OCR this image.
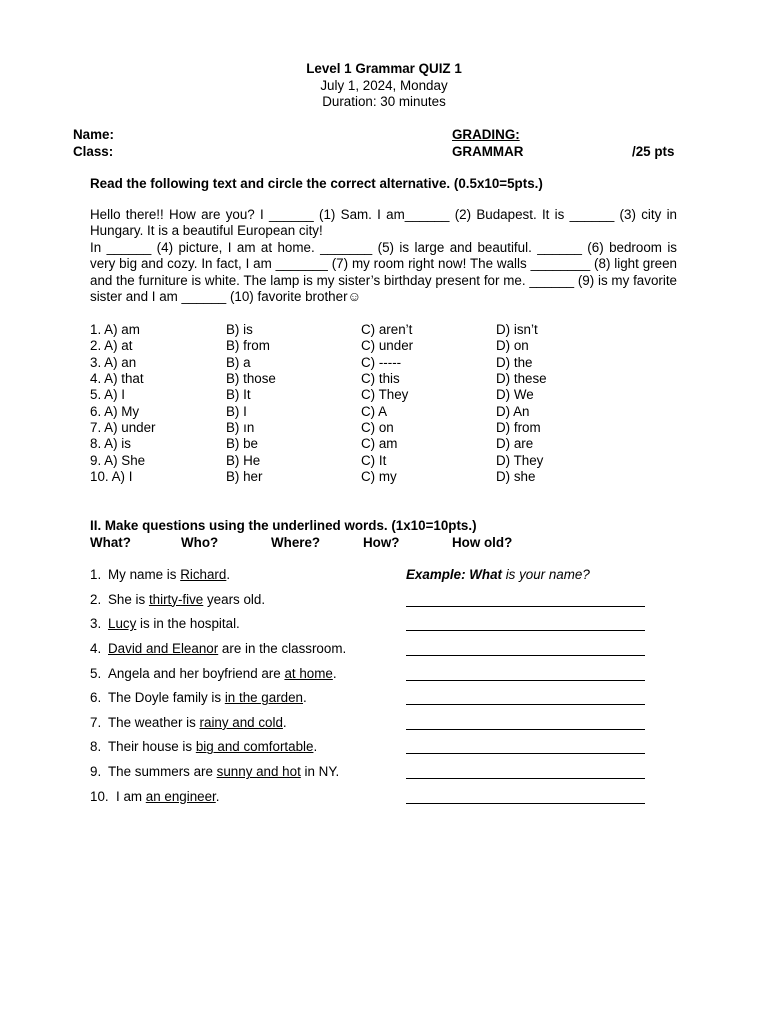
Level 1 Grammar QUIZ 1
July 1, 2024, Monday
Duration: 30 minutes
Name:	GRADING:
Class:	GRAMMAR	/25 pts
Read the following text and circle the correct alternative. (0.5x10=5pts.)

Hello there!! How are you? I ______ (1) Sam. I am______ (2) Budapest. It is ______ (3) city in Hungary. It is a beautiful European city!

In ______ (4) picture, I am at home. _______ (5) is large and beautiful. ______ (6) bedroom is very big and cozy. In fact, I am _______ (7) my room right now! The walls ________ (8) light green and the furniture is white. The lamp is my sister’s birthday present for me. ______ (9) is my favorite sister and I am ______ (10) favorite brother☺

1. A) am	B) is	C) aren’t	D) isn’t
2. A) at	B) from	C) under	D) on
3. A) an	B) a	C) -----	D) the
4. A) that	B) those	C) this	D) these
5. A) I	B) It	C) They	D) We
6. A) My	B) I	C) A	D) An
7. A) under	B) ın	C) on	D) from
8. A) is	B) be	C) am	D) are
9. A) She	B) He	C) It	D) They
10. A) I	B) her	C) my	D) she
II. Make questions using the underlined words. (1x10=10pts.)
What?	Who?	Where?	How?	How old?
1. My name is Richard.	Example: What is your name?
2. She is thirty-five years old.
3. Lucy is in the hospital.
4. David and Eleanor are in the classroom.
5. Angela and her boyfriend are at home.
6. The Doyle family is in the garden.
7. The weather is rainy and cold.
8. Their house is big and comfortable.
9. The summers are sunny and hot in NY.
10. I am an engineer.
